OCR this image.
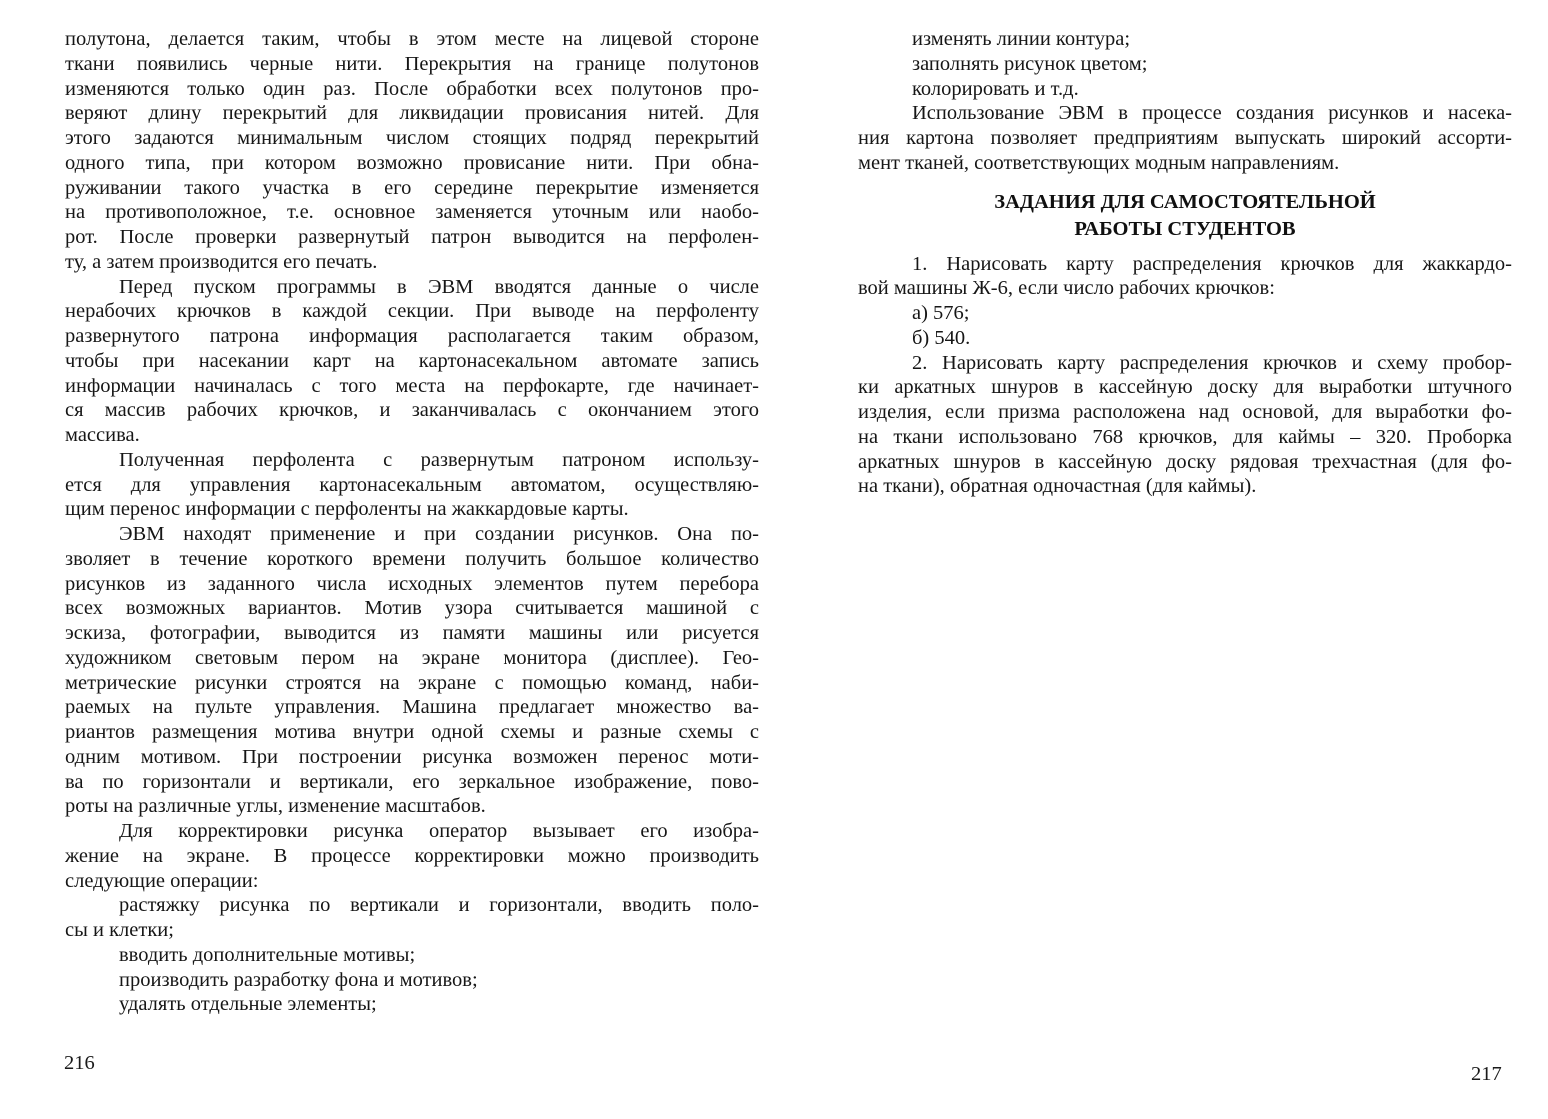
полутона, делается таким, чтобы в этом месте на лицевой стороне
ткани появились черные нити. Перекрытия на границе полутонов
изменяются только один раз. После обработки всех полутонов про-
веряют длину перекрытий для ликвидации провисания нитей. Для
этого задаются минимальным числом стоящих подряд перекрытий
одного типа, при котором возможно провисание нити. При обна-
руживании такого участка в его середине перекрытие изменяется
на противоположное, т.е. основное заменяется уточным или наобо-
рот. После проверки развернутый патрон выводится на перфолен-
ту, а затем производится его печать.
Перед пуском программы в ЭВМ вводятся данные о числе
нерабочих крючков в каждой секции. При выводе на перфоленту
развернутого патрона информация располагается таким образом,
чтобы при насекании карт на картонасекальном автомате запись
информации начиналась с того места на перфокарте, где начинает-
ся массив рабочих крючков, и заканчивалась с окончанием этого
массива.
Полученная перфолента с развернутым патроном использу-
ется для управления картонасекальным автоматом, осуществляю-
щим перенос информации с перфоленты на жаккардовые карты.
ЭВМ находят применение и при создании рисунков. Она по-
зволяет в течение короткого времени получить большое количество
рисунков из заданного числа исходных элементов путем перебора
всех возможных вариантов. Мотив узора считывается машиной с
эскиза, фотографии, выводится из памяти машины или рисуется
художником световым пером на экране монитора (дисплее). Гео-
метрические рисунки строятся на экране с помощью команд, наби-
раемых на пульте управления. Машина предлагает множество ва-
риантов размещения мотива внутри одной схемы и разные схемы с
одним мотивом. При построении рисунка возможен перенос моти-
ва по горизонтали и вертикали, его зеркальное изображение, пово-
роты на различные углы, изменение масштабов.
Для корректировки рисунка оператор вызывает его изобра-
жение на экране. В процессе корректировки можно производить
следующие операции:
растяжку рисунка по вертикали и горизонтали, вводить поло-
сы и клетки;
вводить дополнительные мотивы;
производить разработку фона и мотивов;
удалять отдельные элементы;
изменять линии контура;
заполнять рисунок цветом;
колорировать и т.д.
Использование ЭВМ в процессе создания рисунков и насека-
ния картона позволяет предприятиям выпускать широкий ассорти-
мент тканей, соответствующих модным направлениям.
ЗАДАНИЯ ДЛЯ САМОСТОЯТЕЛЬНОЙ
РАБОТЫ СТУДЕНТОВ
1. Нарисовать карту распределения крючков для жаккардо-
вой машины Ж-6, если число рабочих крючков:
а) 576;
б) 540.
2. Нарисовать карту распределения крючков и схему пробор-
ки аркатных шнуров в кассейную доску для выработки штучного
изделия, если призма расположена над основой, для выработки фо-
на ткани использовано 768 крючков, для каймы – 320. Проборка
аркатных шнуров в кассейную доску рядовая трехчастная (для фо-
на ткани), обратная одночастная (для каймы).
216	217
